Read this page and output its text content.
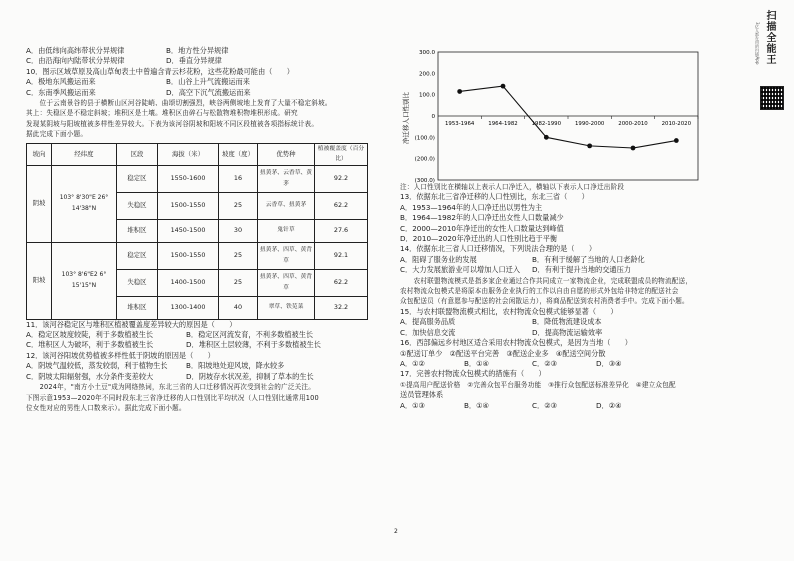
A．由低纬向高纬带状分异规律	B．地方性分异规律
C．由沿海向内陆带状分异规律	D．垂直分异规律
10．图示区域草原及高山草甸表土中曾遍含青云杉花粉，这些花粉最可能由（　　）
A．极地东风搬运而来	B．山谷上升气流搬运而来
C．东南季风搬运而来	D．高空下沉气流搬运而来
　　位于云南景谷的县于横断山区河谷陡峭、曲颂切割强烈，峡谷两侧坡地上发育了大量不稳定斜坡。
其上：失稳区是不稳定斜坡；堆积区是土壤。堆积区由碎石与松散物堆积物堆积形成。研究
发现某阴坡与阳坡植被多样性差异较大。下表为该河谷阴坡和阳坡不同区段植被各项指标统计表。
据此完成下面小题。
坡向	经纬度	区段	海拔（米）	坡度（度）	优势种	植被覆盖度（百分比）
阴坡	103° 8'30"E 26° 14'38"N	稳定区	1550-1600	16	扭黄茅、云香草、黄茅	92.2
		失稳区	1500-1550	25	云香草、扭黄茅	62.2
		堆积区	1450-1500	30	鬼针草	27.6
阳坡	103° 8'6"E2 6° 15'15"N	稳定区	1500-1550	25	扭黄茅、四草、黄背草	92.1
		失稳区	1400-1500	25	扭黄茅、四草、黄背草	62.2
		堆积区	1300-1400	40	翠草、铁苋菜	32.2
11．该河谷稳定区与堆积区植被覆盖度差异较大的原因是（　　）
A．稳定区坡度较陡，利于多数植被生长	B．稳定区河流发育，不利多数植被生长
C．堆积区人为破坏，利于多数植被生长	D．堆积区土层较薄，不利于多数植被生长
12．该河谷阳坡优势植被多样性低于阴坡的原因是（　　）
A．阴坡气温较低，蒸发较弱，利于植物生长	B．阳坡地处迎风坡，降水较多
C．阴坡太阳辐射强，水分条件变差较大	D．阴坡存水状况差，抑制了草本的生长
　　2024年，"南方小土豆"成为网络热词，东北三省的人口迁移情况再次受到社会的广泛关注。
下图示意1953—2020年不同时段东北三省净迁移的人口性别比平均状况（人口性别比通常用100
位女性对应的男性人口数来示）。据此完成下面小题。
净迁移人口性别比
300.0
200.0
100.0
0
(100.0)
(200.0)
(300.0)
1953-1964	1964-1982	1982-1990	1990-2000	2000-2010	2010-2020
注：人口性别比在横轴以上表示人口净迁入，横轴以下表示人口净迁出阶段
13．依据东北三省净迁移的人口性别比，东北三省（　　）
A．1953—1964年的人口净迁出以男性为主
B．1964—1982年的人口净迁出女性人口数量减少
C．2000—2010年净迁出的女性人口数量达到峰值
D．2010—2020年净迁出的人口性别比趋于平衡
14．依据东北三省人口迁移情况，下列说法合理的是（　　）
A．阻碍了服务业的发展	B．有利于缓解了当地的人口老龄化
C．大力发展旅游业可以增加人口迁入	D．有利于提升当地的交通压力
　　农村联盟物流模式是指多家企业通过合作共同成立一家物流企业，完成联盟成员的物流配送，
农村物流众包模式是将原本由服务企业执行的工作以自由自愿的形式外包给非特定的配送社会
众包配送员（有意愿参与配送的社会闲散运力），将商品配送到农村消费者手中。完成下面小题。
15．与农村联盟物流模式相比，农村物流众包模式能够显著（　　）
A．提高服务品质	B．降低物流建设成本
C．加快信息交流	D．提高物流运输效率
16．西部偏远乡村地区适合采用农村物流众包模式，是因为当地（　　）
①配送订单少　②配送平台完善　③配送企业多　④配送空间分散
A．①②	B．①④	C．②③	D．③④
17．完善农村物流众包模式的措施有（　　）
①提高用户配送价格　②完善众包平台服务功能　③推行众包配送标准差异化　④建立众包配
送员管理体系
A．①③	B．①④	C．②③	D．②④
2
扫描全能王
3亿人都在用的扫描App
